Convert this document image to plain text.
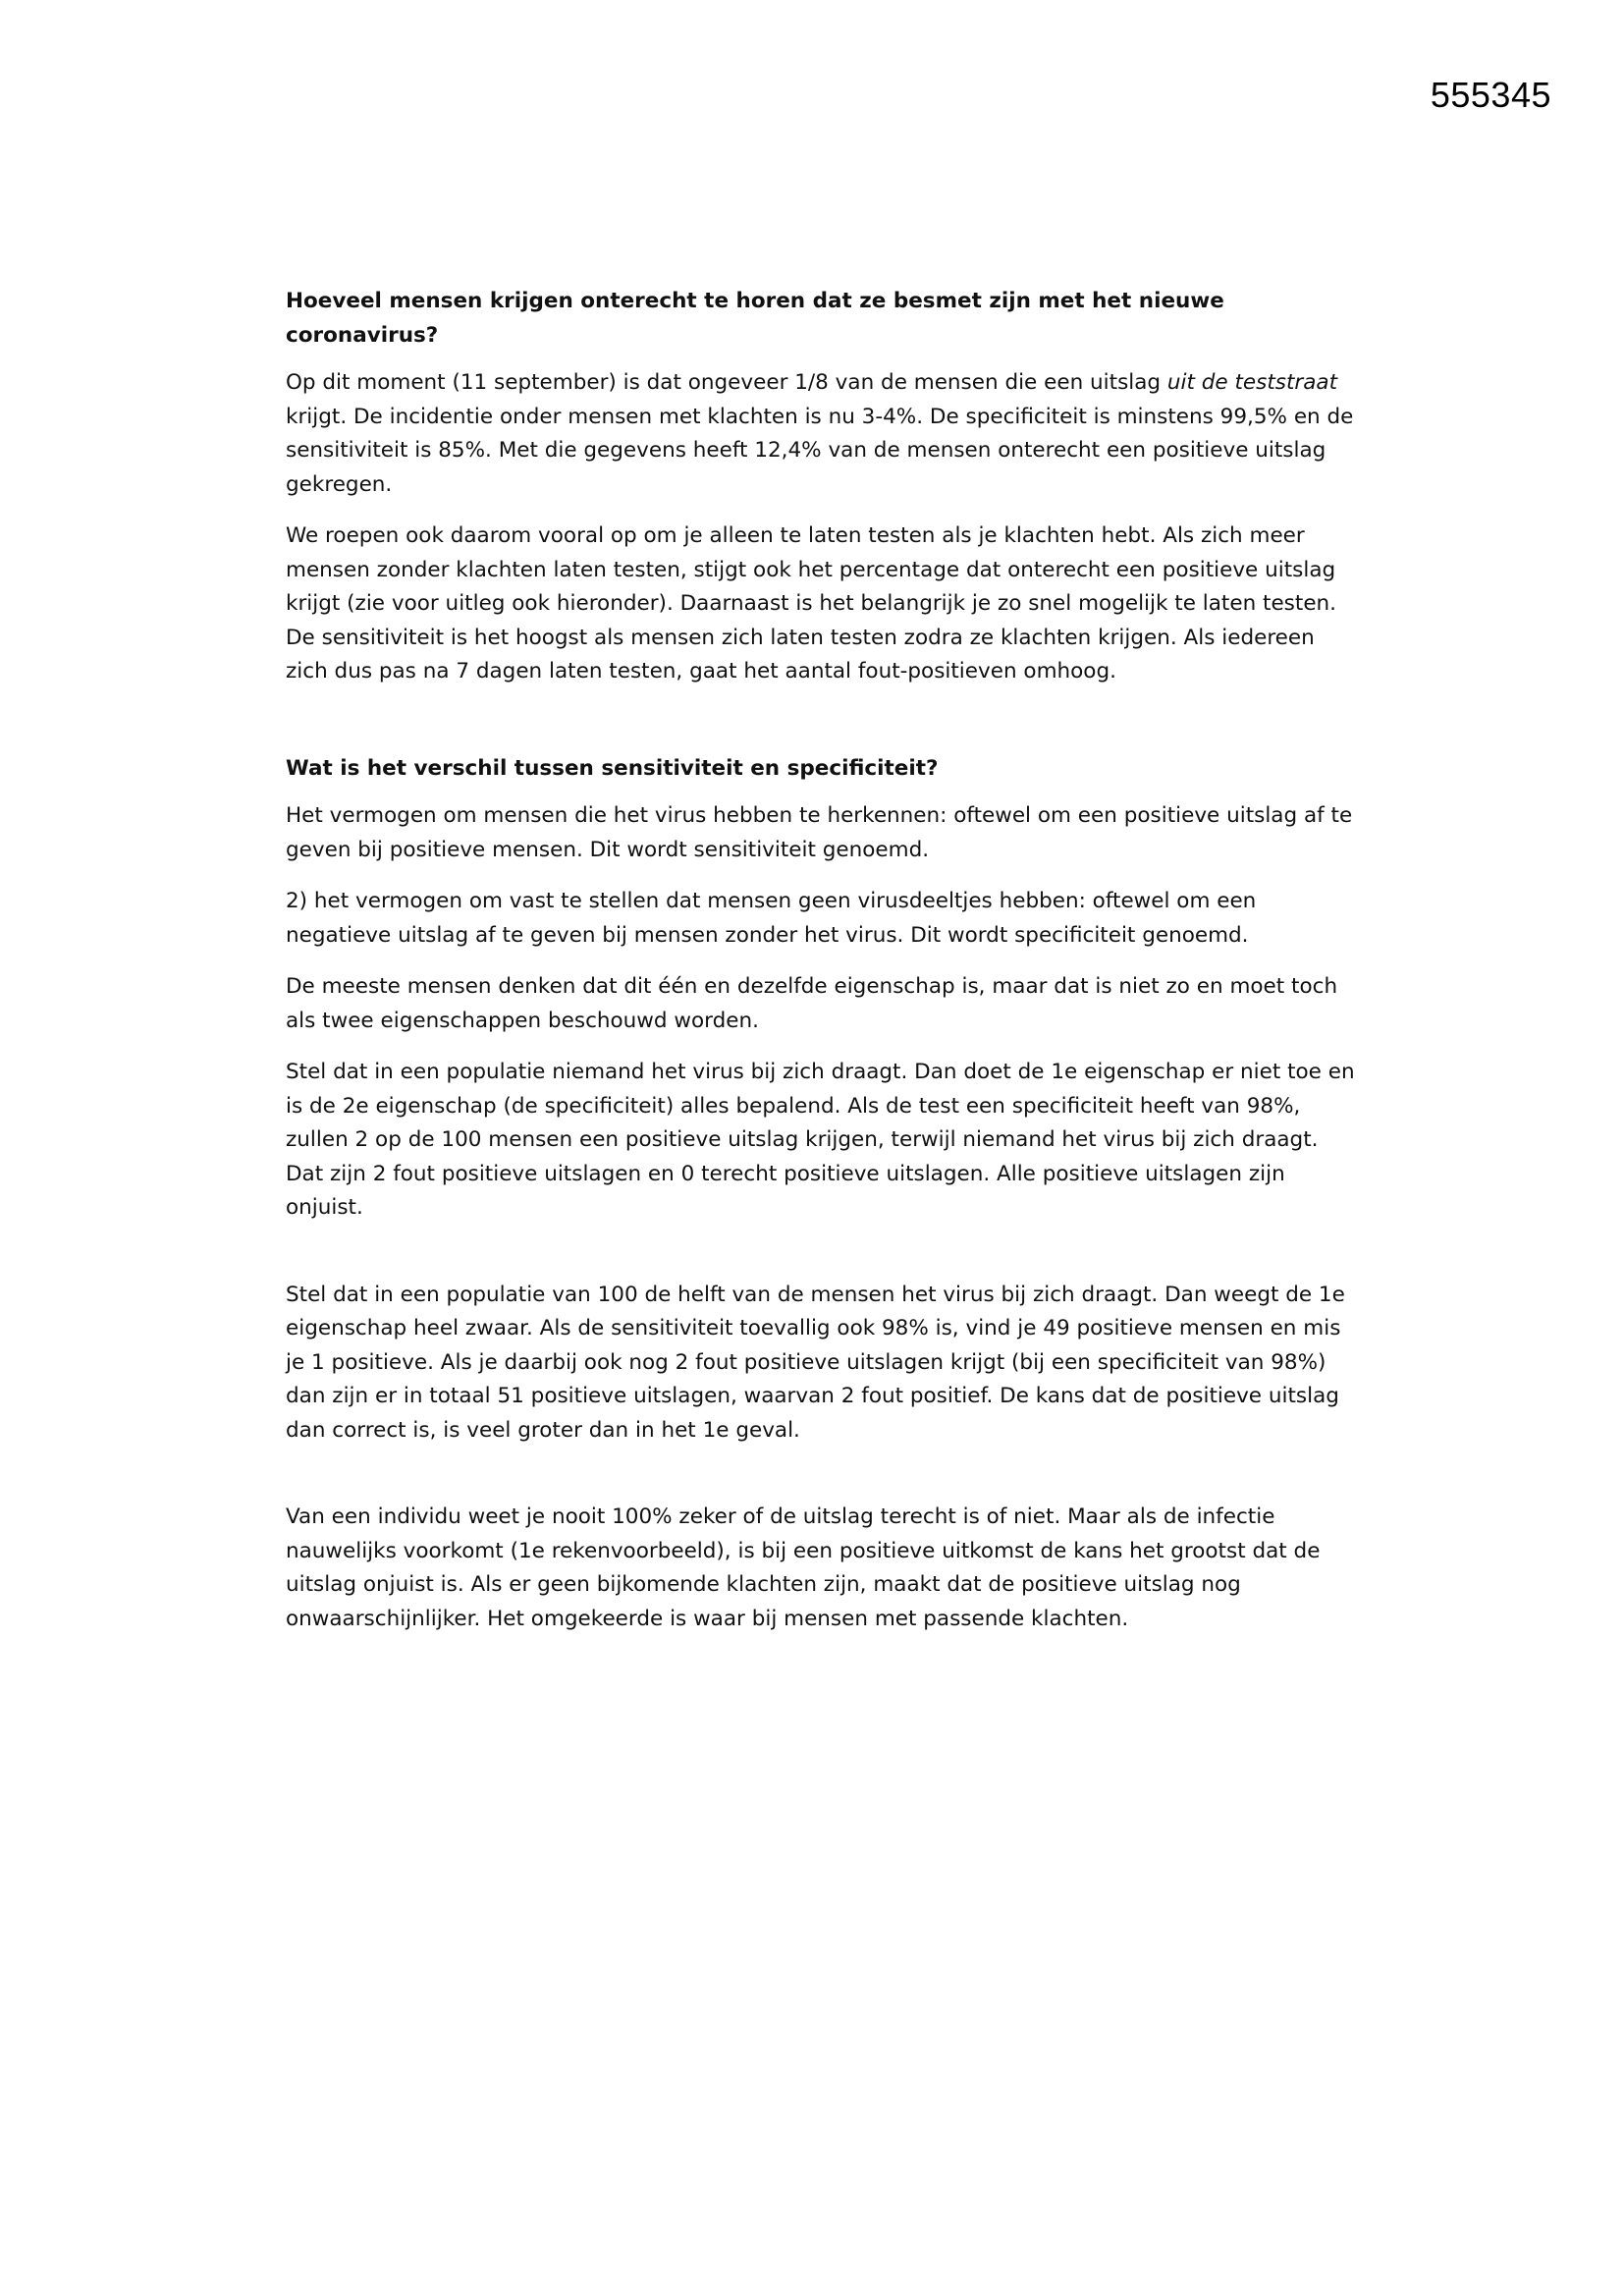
555345
Hoeveel mensen krijgen onterecht te horen dat ze besmet zijn met het nieuwe coronavirus?

Op dit moment (11 september) is dat ongeveer 1/8 van de mensen die een uitslag uit de teststraat krijgt. De incidentie onder mensen met klachten is nu 3-4%. De specificiteit is minstens 99,5% en de sensitiviteit is 85%. Met die gegevens heeft 12,4% van de mensen onterecht een positieve uitslag gekregen.

We roepen ook daarom vooral op om je alleen te laten testen als je klachten hebt. Als zich meer mensen zonder klachten laten testen, stijgt ook het percentage dat onterecht een positieve uitslag krijgt (zie voor uitleg ook hieronder). Daarnaast is het belangrijk je zo snel mogelijk te laten testen. De sensitiviteit is het hoogst als mensen zich laten testen zodra ze klachten krijgen. Als iedereen zich dus pas na 7 dagen laten testen, gaat het aantal fout-positieven omhoog.

Wat is het verschil tussen sensitiviteit en specificiteit?

Het vermogen om mensen die het virus hebben te herkennen: oftewel om een positieve uitslag af te geven bij positieve mensen. Dit wordt sensitiviteit genoemd.

2) het vermogen om vast te stellen dat mensen geen virusdeeltjes hebben: oftewel om een negatieve uitslag af te geven bij mensen zonder het virus. Dit wordt specificiteit genoemd.

De meeste mensen denken dat dit één en dezelfde eigenschap is, maar dat is niet zo en moet toch als twee eigenschappen beschouwd worden.

Stel dat in een populatie niemand het virus bij zich draagt. Dan doet de 1e eigenschap er niet toe en is de 2e eigenschap (de specificiteit) alles bepalend. Als de test een specificiteit heeft van 98%, zullen 2 op de 100 mensen een positieve uitslag krijgen, terwijl niemand het virus bij zich draagt. Dat zijn 2 fout positieve uitslagen en 0 terecht positieve uitslagen. Alle positieve uitslagen zijn onjuist.

Stel dat in een populatie van 100 de helft van de mensen het virus bij zich draagt. Dan weegt de 1e eigenschap heel zwaar. Als de sensitiviteit toevallig ook 98% is, vind je 49 positieve mensen en mis je 1 positieve. Als je daarbij ook nog 2 fout positieve uitslagen krijgt (bij een specificiteit van 98%) dan zijn er in totaal 51 positieve uitslagen, waarvan 2 fout positief. De kans dat de positieve uitslag dan correct is, is veel groter dan in het 1e geval.

Van een individu weet je nooit 100% zeker of de uitslag terecht is of niet. Maar als de infectie nauwelijks voorkomt (1e rekenvoorbeeld), is bij een positieve uitkomst de kans het grootst dat de uitslag onjuist is. Als er geen bijkomende klachten zijn, maakt dat de positieve uitslag nog onwaarschijnlijker. Het omgekeerde is waar bij mensen met passende klachten.
